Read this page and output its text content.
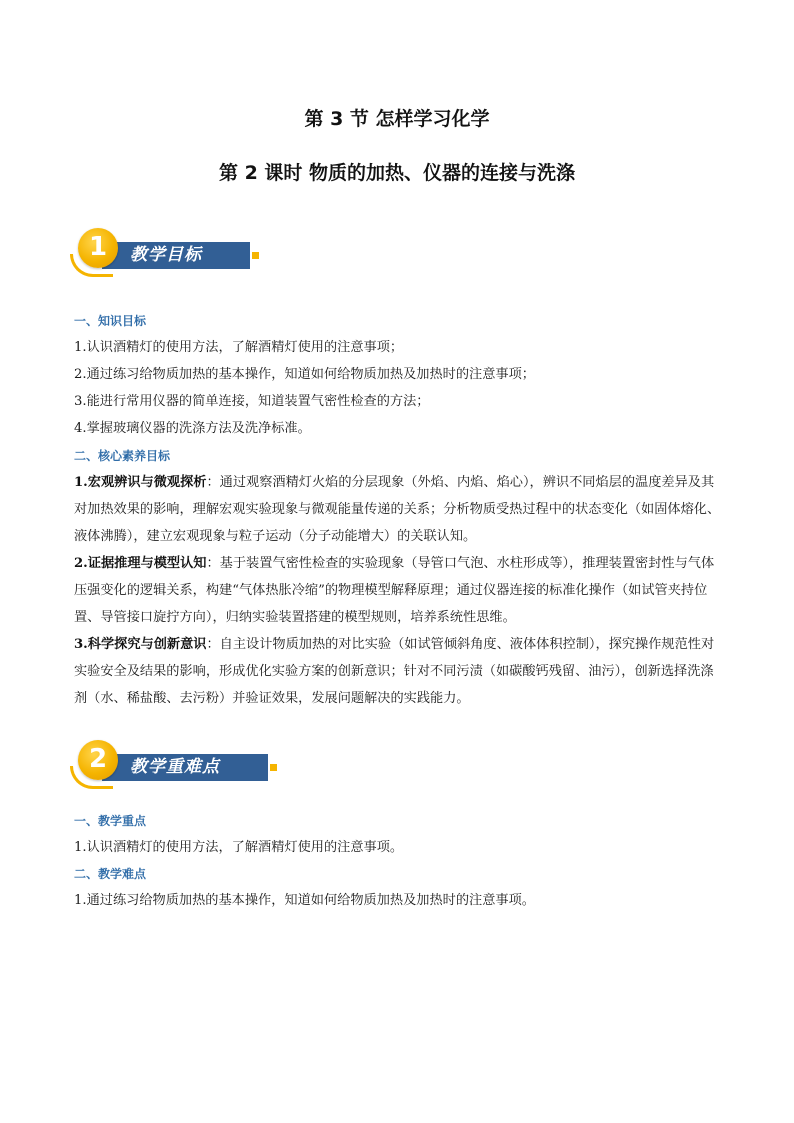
第 3 节 怎样学习化学
第 2 课时 物质的加热、仪器的连接与洗涤
教学目标
1
一、知识目标
1.认识酒精灯的使用方法，了解酒精灯使用的注意事项；
2.通过练习给物质加热的基本操作，知道如何给物质加热及加热时的注意事项；
3.能进行常用仪器的简单连接，知道装置气密性检查的方法；
4.掌握玻璃仪器的洗涤方法及洗净标准。
二、核心素养目标
1.宏观辨识与微观探析：通过观察酒精灯火焰的分层现象（外焰、内焰、焰心），辨识不同焰层的温度差异及其对加热效果的影响，理解宏观实验现象与微观能量传递的关系；分析物质受热过程中的状态变化（如固体熔化、液体沸腾），建立宏观现象与粒子运动（分子动能增大）的关联认知。
2.证据推理与模型认知：基于装置气密性检查的实验现象（导管口气泡、水柱形成等），推理装置密封性与气体压强变化的逻辑关系，构建“气体热胀冷缩”的物理模型解释原理；通过仪器连接的标准化操作（如试管夹持位置、导管接口旋拧方向），归纳实验装置搭建的模型规则，培养系统性思维。
3.科学探究与创新意识：自主设计物质加热的对比实验（如试管倾斜角度、液体体积控制），探究操作规范性对实验安全及结果的影响，形成优化实验方案的创新意识；针对不同污渍（如碳酸钙残留、油污），创新选择洗涤剂（水、稀盐酸、去污粉）并验证效果，发展问题解决的实践能力。
教学重难点
2
一、教学重点
1.认识酒精灯的使用方法，了解酒精灯使用的注意事项。
二、教学难点
1.通过练习给物质加热的基本操作，知道如何给物质加热及加热时的注意事项。
